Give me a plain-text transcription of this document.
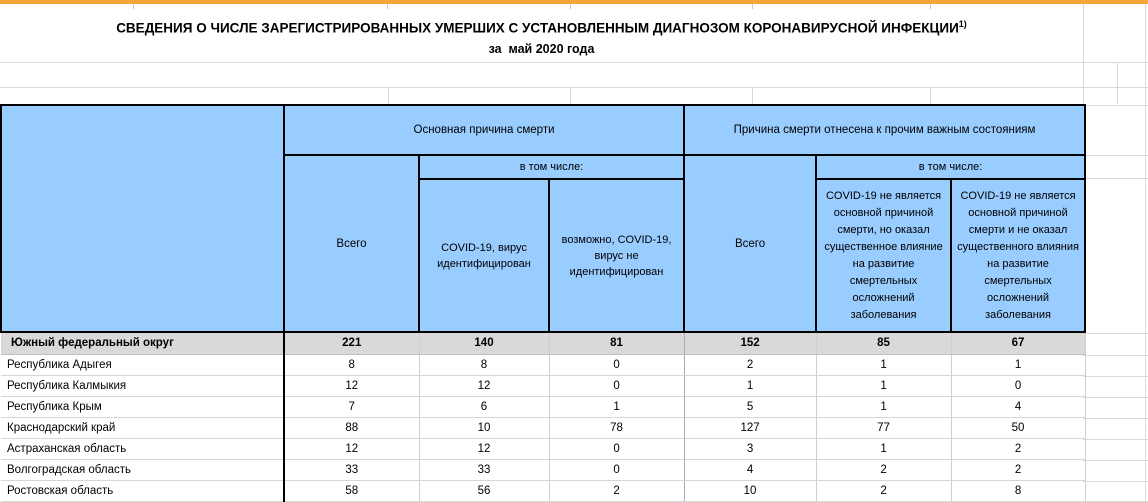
СВЕДЕНИЯ О ЧИСЛЕ ЗАРЕГИСТРИРОВАННЫХ УМЕРШИХ С УСТАНОВЛЕННЫМ ДИАГНОЗОМ КОРОНАВИРУСНОЙ ИНФЕКЦИИ$^{1)}$
за  май 2020 года
	Основная причина смерти			Причина смерти отнесена к прочим важным состояниям		
	Всего	в том числе:		Всего	в том числе:	
		COVID-19, вирус идентифицирован	возможно, COVID-19, вирус не идентифицирован		COVID-19 не является основной причиной смерти, но оказал существенное влияние на развитие смертельных осложнений заболевания	COVID-19 не является основной причиной смерти и не оказал существенного влияния на развитие смертельных осложнений заболевания
Южный федеральный округ	221	140	81	152	85	67
Республика Адыгея	8	8	0	2	1	1
Республика Калмыкия	12	12	0	1	1	0
Республика Крым	7	6	1	5	1	4
Краснодарский край	88	10	78	127	77	50
Астраханская область	12	12	0	3	1	2
Волгоградская область	33	33	0	4	2	2
Ростовская область	58	56	2	10	2	8
